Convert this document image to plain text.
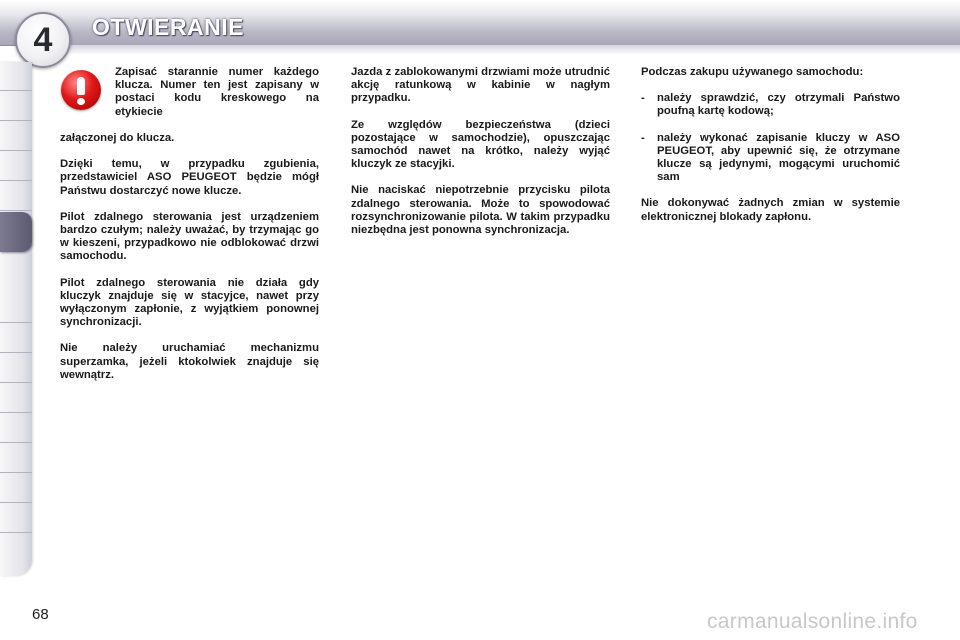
4 OTWIERANIE

Zapisać starannie numer każdego klucza. Numer ten jest zapisany w postaci kodu kreskowego na etykiecie

załączonej do klucza.

Dzięki temu, w przypadku zgubienia, przedstawiciel ASO PEUGEOT będzie mógł Państwu dostarczyć nowe klucze.

Pilot zdalnego sterowania jest urządzeniem bardzo czułym; należy uważać, by trzymając go w kieszeni, przypadkowo nie odblokować drzwi samochodu.

Pilot zdalnego sterowania nie działa gdy kluczyk znajduje się w stacyjce, nawet przy wyłączonym zapłonie, z wyjątkiem ponownej synchronizacji.

Nie należy uruchamiać mechanizmu superzamka, jeżeli ktokolwiek znajduje się wewnątrz.

Jazda z zablokowanymi drzwiami może utrudnić akcję ratunkową w kabinie w nagłym przypadku.

Ze względów bezpieczeństwa (dzieci pozostające w samochodzie), opuszczając samochód nawet na krótko, należy wyjąć kluczyk ze stacyjki.

Nie naciskać niepotrzebnie przycisku pilota zdalnego sterowania. Może to spowodować rozsynchronizowanie pilota. W takim przypadku niezbędna jest ponowna synchronizacja.

Podczas zakupu używanego samochodu:

-	należy sprawdzić, czy otrzymali Państwo poufną kartę kodową;
-	należy wykonać zapisanie kluczy w ASO PEUGEOT, aby upewnić się, że otrzymane klucze są jedynymi, mogącymi uruchomić sam

Nie dokonywać żadnych zmian w systemie elektronicznej blokady zapłonu.

68	carmanualsonline.info
